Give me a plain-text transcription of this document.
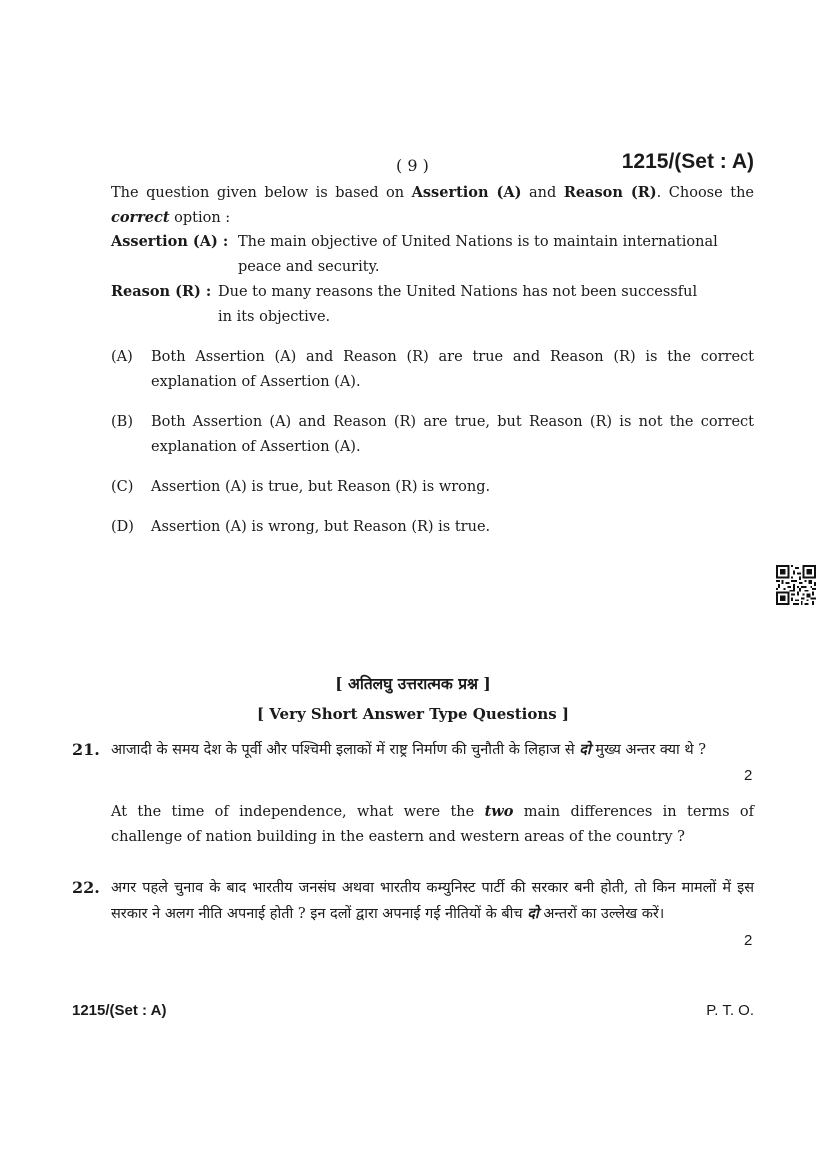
( 9 )	1215/(Set : A)
The question given below is based on Assertion (A) and Reason (R). Choose the correct option :
Assertion (A) : The main objective of United Nations is to maintain international
peace and security.
Reason (R) : Due to many reasons the United Nations has not been successful
in its objective.
(A) Both Assertion (A) and Reason (R) are true and Reason (R) is the correct explanation of Assertion (A).
(B) Both Assertion (A) and Reason (R) are true, but Reason (R) is not the correct explanation of Assertion (A).
(C) Assertion (A) is true, but Reason (R) is wrong.
(D) Assertion (A) is wrong, but Reason (R) is true.
[ अतिलघु उत्तरात्मक प्रश्न ]
[ Very Short Answer Type Questions ]
21. आजादी के समय देश के पूर्वी और पश्चिमी इलाकों में राष्ट्र निर्माण की चुनौती के लिहाज से दो मुख्य अन्तर क्या थे ?
2
At the time of independence, what were the two main differences in terms of challenge of nation building in the eastern and western areas of the country ?
22. अगर पहले चुनाव के बाद भारतीय जनसंघ अथवा भारतीय कम्युनिस्ट पार्टी की सरकार बनी होती, तो किन मामलों में इस सरकार ने अलग नीति अपनाई होती ? इन दलों द्वारा अपनाई गई नीतियों के बीच दो अन्तरों का उल्लेख करें।
2
1215/(Set : A)	P. T. O.
